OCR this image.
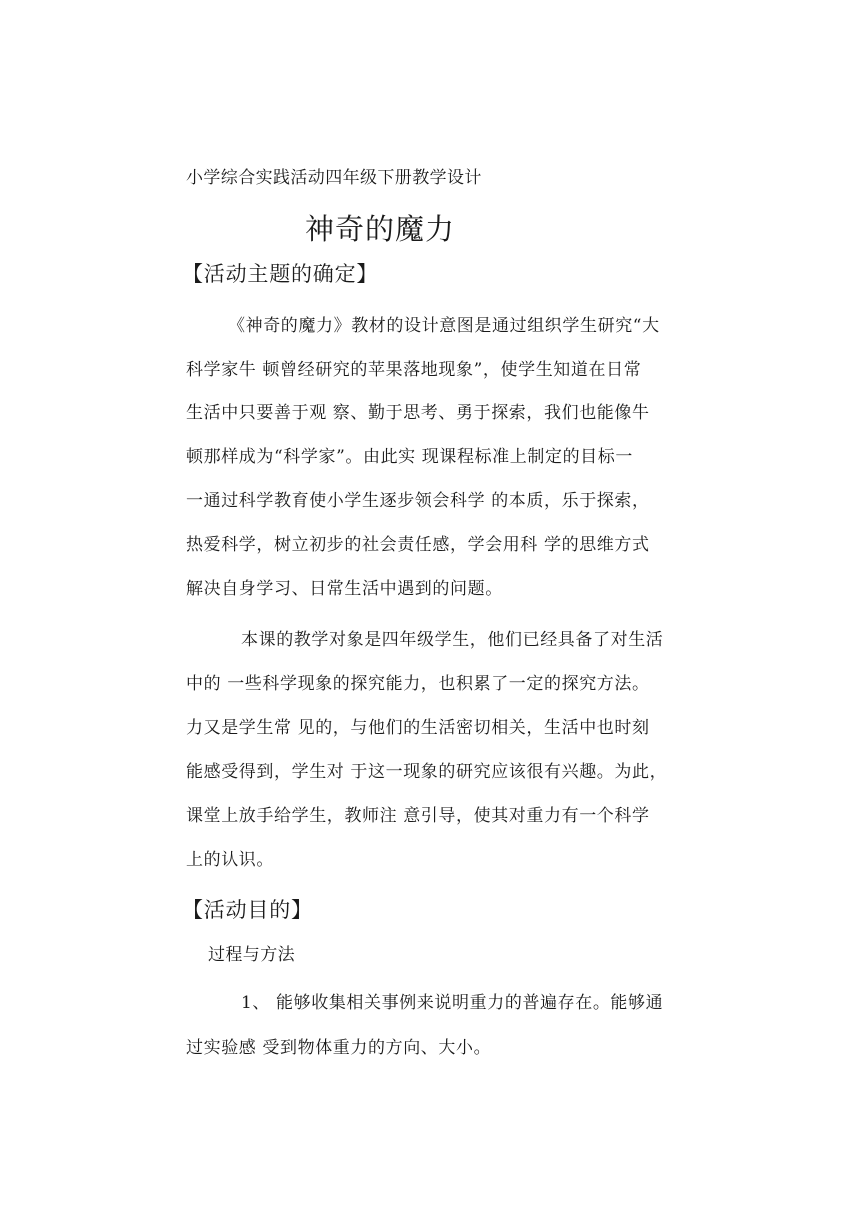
小学综合实践活动四年级下册教学设计
神奇的魔力
【活动主题的确定】
《神奇的魔力》教材的设计意图是通过组织学生研究“大
科学家牛 顿曾经研究的苹果落地现象”，使学生知道在日常
生活中只要善于观 察、勤于思考、勇于探索，我们也能像牛
顿那样成为“科学家”。由此实 现课程标准上制定的目标一
一通过科学教育使小学生逐步领会科学 的本质，乐于探索，
热爱科学，树立初步的社会责任感，学会用科 学的思维方式
解决自身学习、日常生活中遇到的问题。
本课的教学对象是四年级学生，他们已经具备了对生活
中的 一些科学现象的探究能力，也积累了一定的探究方法。
力又是学生常 见的，与他们的生活密切相关，生活中也时刻
能感受得到，学生对 于这一现象的研究应该很有兴趣。为此，
课堂上放手给学生，教师注 意引导，使其对重力有一个科学
上的认识。
【活动目的】
过程与方法
1、 能够收集相关事例来说明重力的普遍存在。能够通
过实验感 受到物体重力的方向、大小。
